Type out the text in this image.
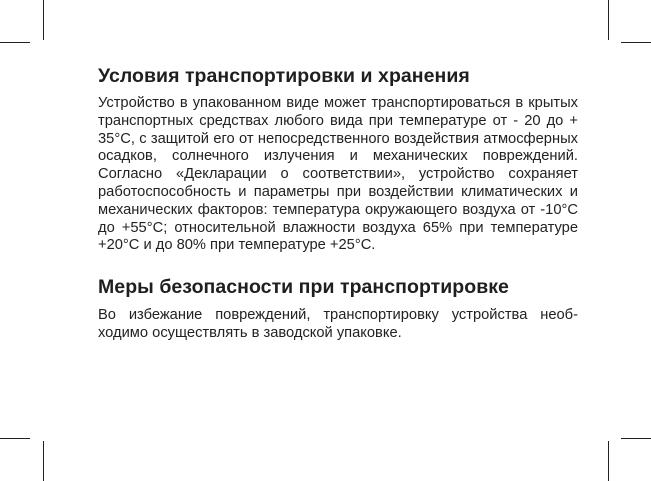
Условия транспортировки и хранения

Устройство в упакованном виде может транспортироваться в крытых транспортных средствах любого вида при температуре от - 20 до + 35°С, с защитой его от непосредственного воздействия атмосферных осадков, солнечного излучения и механических повреждений. Согласно «Декларации о соответствии», устройство сохраняет работоспособность и параметры при воздействии климатических и механических факторов: температура окружающего воздуха от -10°С до +55°С; относительной влажности воздуха 65% при температуре +20°С и до 80% при температуре +25°С.

Меры безопасности при транспортировке

Во избежание повреждений, транспортировку устройства необходимо осуществлять в заводской упаковке.
